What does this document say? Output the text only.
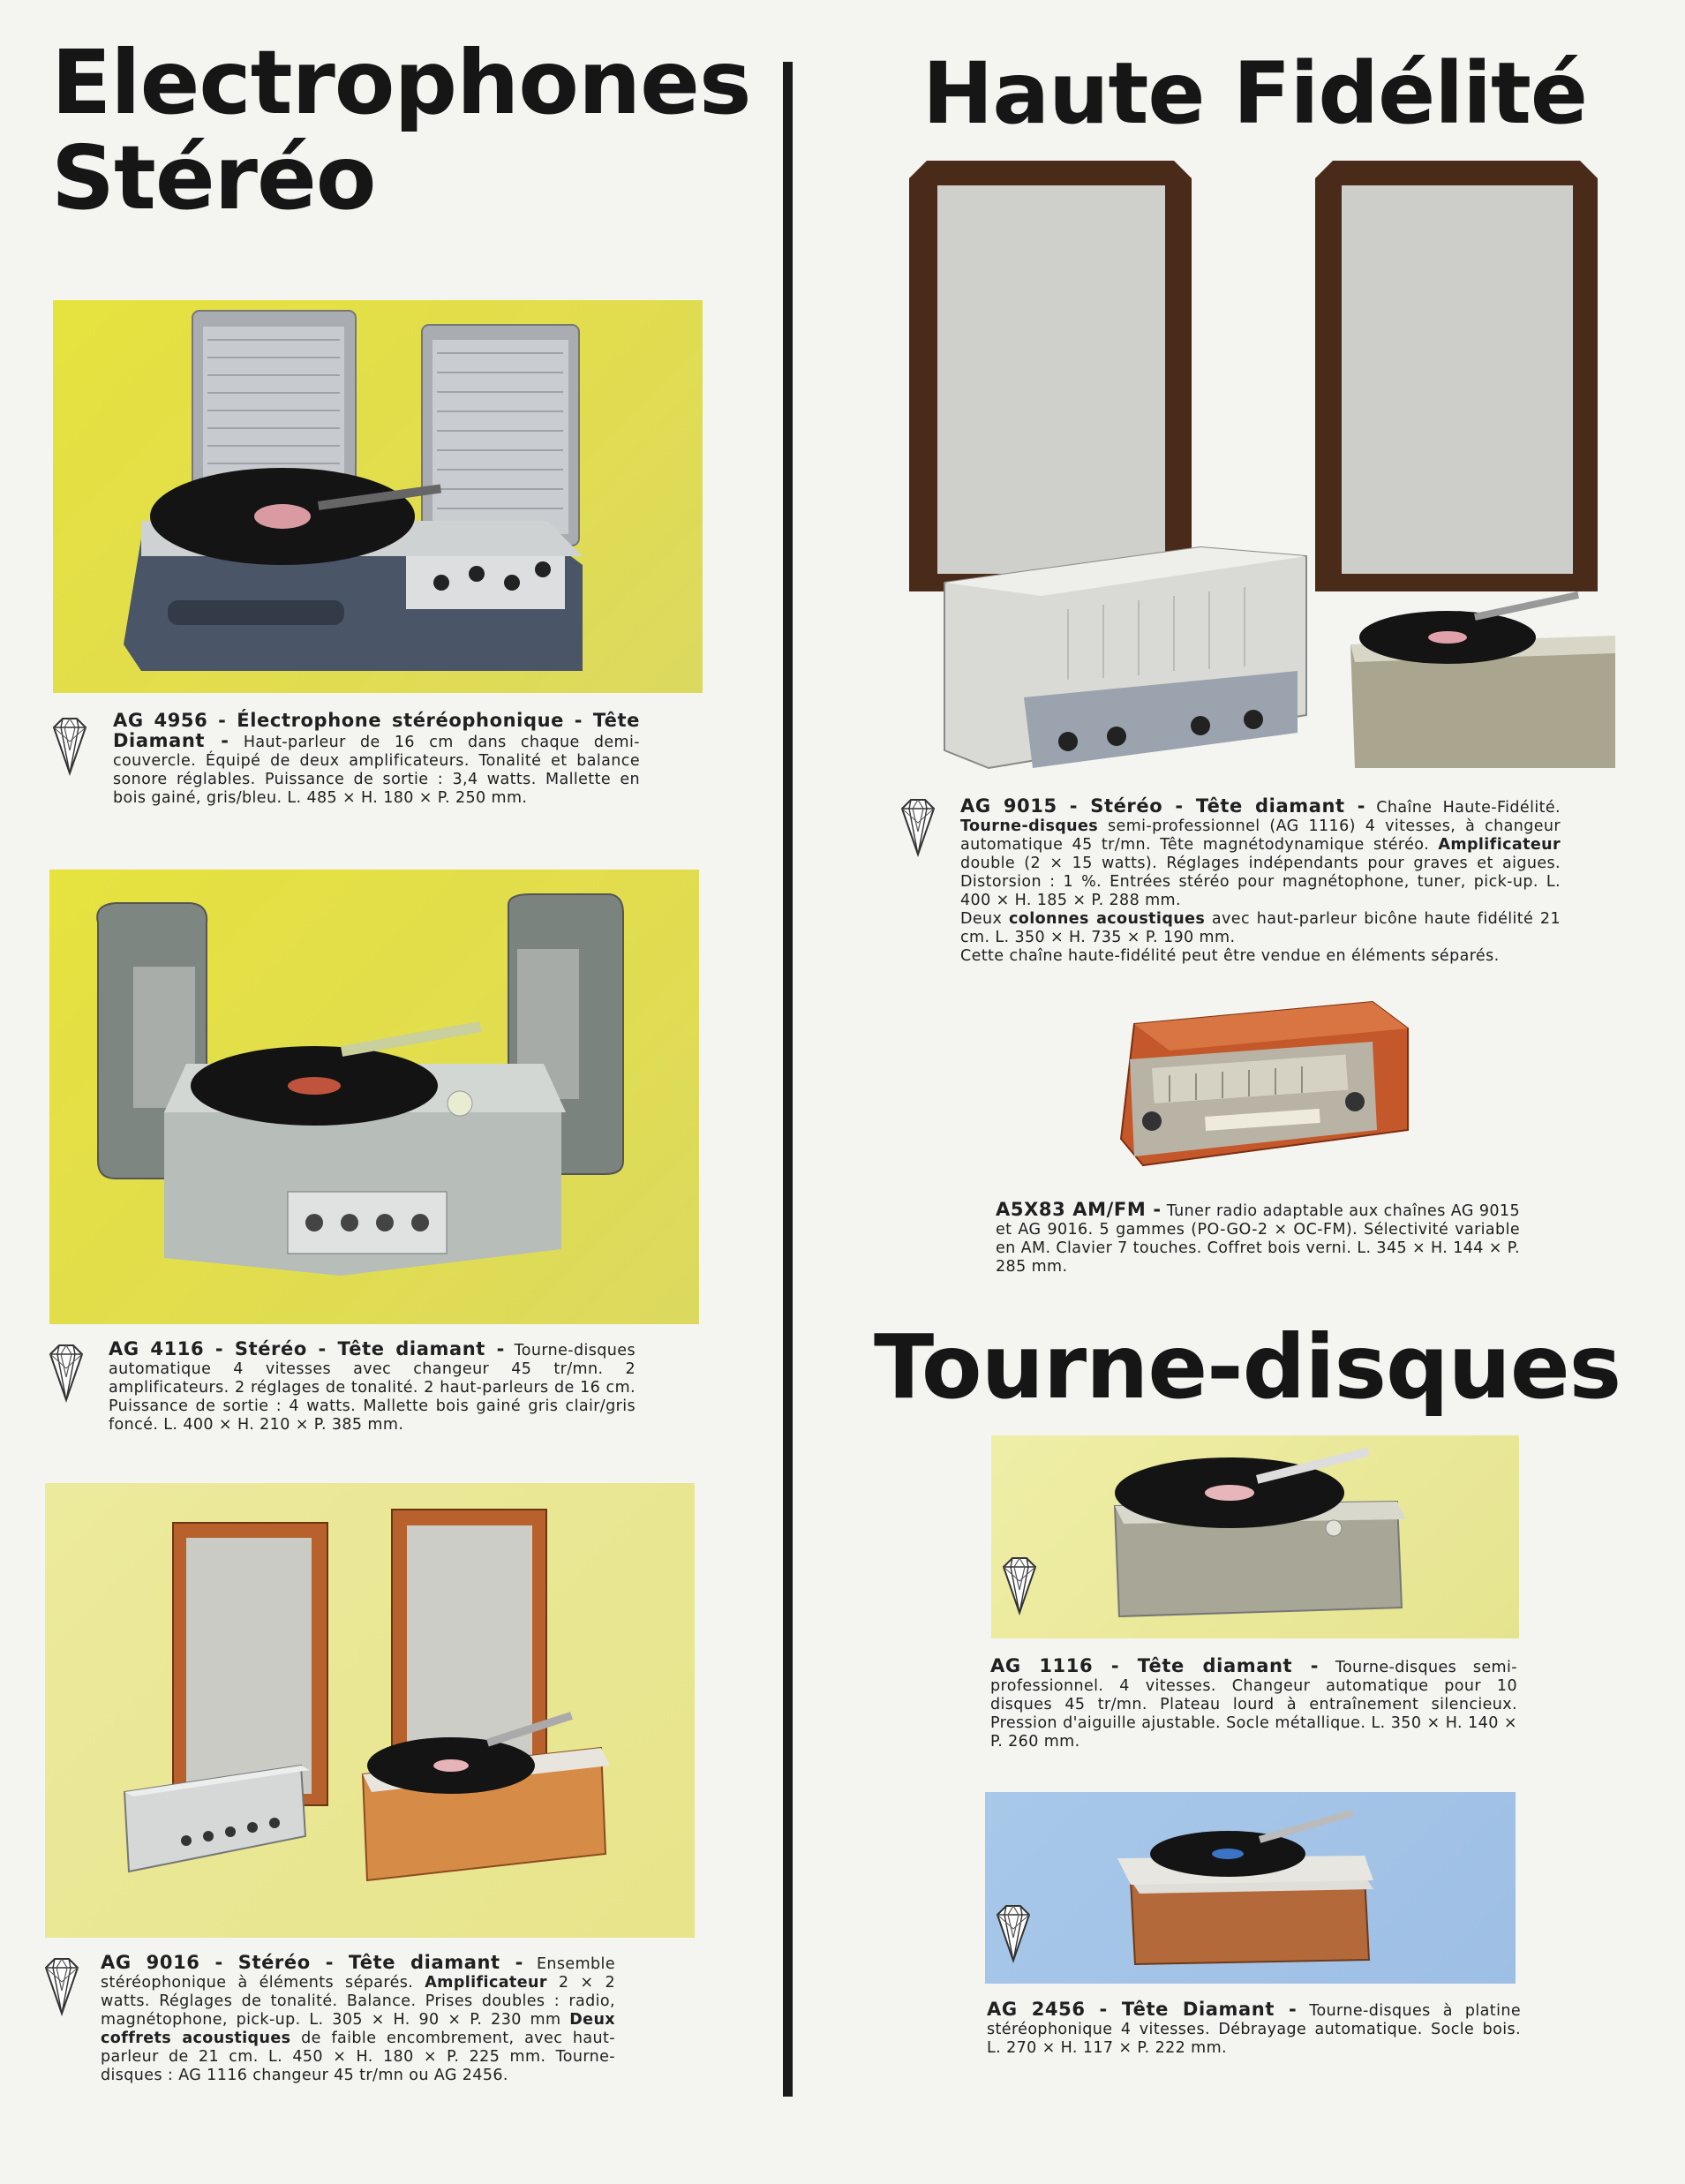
Electrophones
Stéréo
Haute Fidélité
Tourne-disques
AG 4956 - Électrophone stéréophonique - Tête Diamant - Haut-parleur de 16 cm dans chaque demi-couvercle. Équipé de deux amplificateurs. Tonalité et balance sonore réglables. Puissance de sortie : 3,4 watts. Mallette en bois gainé, gris/bleu. L. 485 × H. 180 × P. 250 mm.
AG 4116 - Stéréo - Tête diamant - Tourne-disques automatique 4 vitesses avec changeur 45 tr/mn. 2 amplificateurs. 2 réglages de tonalité. 2 haut-parleurs de 16 cm. Puissance de sortie : 4 watts. Mallette bois gainé gris clair/gris foncé. L. 400 × H. 210 × P. 385 mm.
AG 9016 - Stéréo - Tête diamant - Ensemble stéréophonique à éléments séparés. Amplificateur 2 × 2 watts. Réglages de tonalité. Balance. Prises doubles : radio, magnétophone, pick-up. L. 305 × H. 90 × P. 230 mm Deux coffrets acoustiques de faible encombrement, avec haut-parleur de 21 cm. L. 450 × H. 180 × P. 225 mm. Tourne-disques : AG 1116 changeur 45 tr/mn ou AG 2456.
AG 9015 - Stéréo - Tête diamant - Chaîne Haute-Fidélité. Tourne-disques semi-professionnel (AG 1116) 4 vitesses, à changeur automatique 45 tr/mn. Tête magnétodynamique stéréo. Amplificateur double (2 × 15 watts). Réglages indépendants pour graves et aigues. Distorsion : 1 %. Entrées stéréo pour magnétophone, tuner, pick-up. L. 400 × H. 185 × P. 288 mm.
Deux colonnes acoustiques avec haut-parleur bicône haute fidélité 21 cm. L. 350 × H. 735 × P. 190 mm.
Cette chaîne haute-fidélité peut être vendue en éléments séparés.
A5X83 AM/FM - Tuner radio adaptable aux chaînes AG 9015 et AG 9016. 5 gammes (PO-GO-2 × OC-FM). Sélectivité variable en AM. Clavier 7 touches. Coffret bois verni. L. 345 × H. 144 × P. 285 mm.
AG 1116 - Tête diamant - Tourne-disques semi-professionnel. 4 vitesses. Changeur automatique pour 10 disques 45 tr/mn. Plateau lourd à entraînement silencieux. Pression d'aiguille ajustable. Socle métallique. L. 350 × H. 140 × P. 260 mm.
AG 2456 - Tête Diamant - Tourne-disques à platine stéréophonique 4 vitesses. Débrayage automatique. Socle bois. L. 270 × H. 117 × P. 222 mm.
